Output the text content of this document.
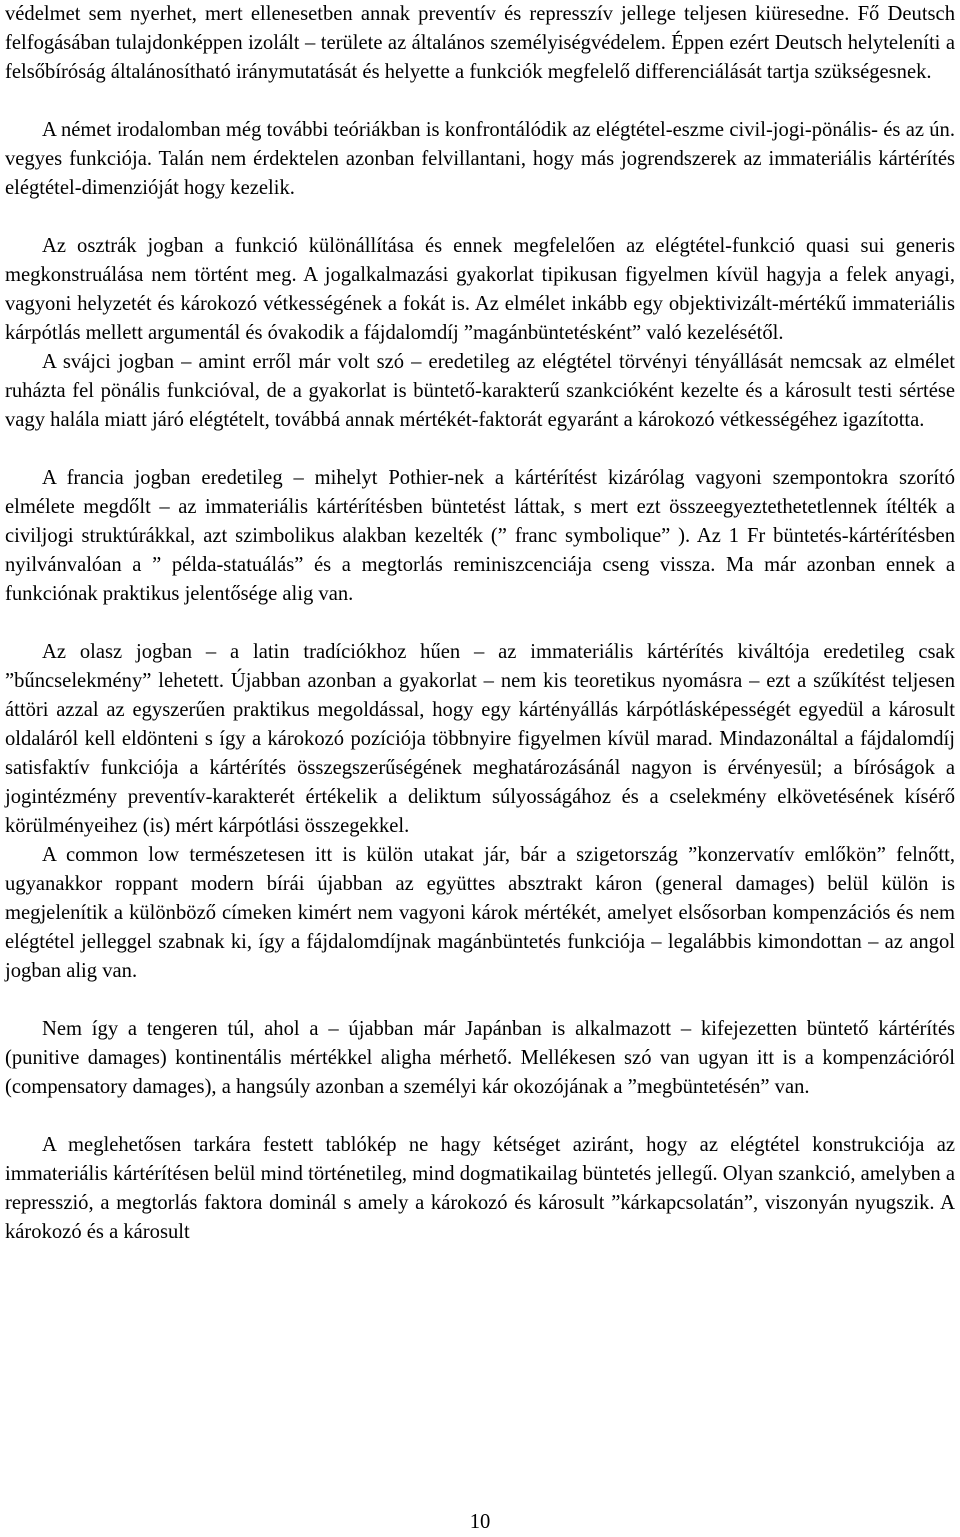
védelmet sem nyerhet, mert ellenesetben annak preventív és represszív jellege teljesen kiüresedne. Fő Deutsch felfogásában tulajdonképpen izolált – területe az általános személyiségvédelem. Éppen ezért Deutsch helyteleníti a felsőbíróság általánosítható iránymutatását és helyette a funkciók megfelelő differenciálását tartja szükségesnek.

A német irodalomban még további teóriákban is konfrontálódik az elégtétel-eszme civil-jogi-pönális- és az ún. vegyes funkciója. Talán nem érdektelen azonban felvillantani, hogy más jogrendszerek az immateriális kártérítés elégtétel-dimenzióját hogy kezelik.

Az osztrák jogban a funkció különállítása és ennek megfelelően az elégtétel-funkció quasi sui generis megkonstruálása nem történt meg. A jogalkalmazási gyakorlat tipikusan figyelmen kívül hagyja a felek anyagi, vagyoni helyzetét és károkozó vétkességének a fokát is. Az elmélet inkább egy objektivizált-mértékű immateriális kárpótlás mellett argumentál és óvakodik a fájdalomdíj ”magánbüntetésként” való kezelésétől.

A svájci jogban – amint erről már volt szó – eredetileg az elégtétel törvényi tényállását nemcsak az elmélet ruházta fel pönális funkcióval, de a gyakorlat is büntető-karakterű szankcióként kezelte és a károsult testi sértése vagy halála miatt járó elégtételt, továbbá annak mértékét-faktorát egyaránt a károkozó vétkességéhez igazította.

A francia jogban eredetileg – mihelyt Pothier-nek a kártérítést kizárólag vagyoni szempontokra szorító elmélete megdőlt – az immateriális kártérítésben büntetést láttak, s mert ezt összeegyeztethetetlennek ítélték a civiljogi struktúrákkal, azt szimbolikus alakban kezelték (” franc symbolique” ). Az 1 Fr büntetés-kártérítésben nyilvánvalóan a ” példa-statuálás” és a megtorlás reminiszcenciája cseng vissza. Ma már azonban ennek a funkciónak praktikus jelentősége alig van.

Az olasz jogban – a latin tradíciókhoz hűen – az immateriális kártérítés kiváltója eredetileg csak ”bűncselekmény” lehetett. Újabban azonban a gyakorlat – nem kis teoretikus nyomásra – ezt a szűkítést teljesen áttöri azzal az egyszerűen praktikus megoldással, hogy egy kártényállás kárpótlásképességét egyedül a károsult oldaláról kell eldönteni s így a károkozó pozíciója többnyire figyelmen kívül marad. Mindazonáltal a fájdalomdíj satisfaktív funkciója a kártérítés összegszerűségének meghatározásánál nagyon is érvényesül; a bíróságok a jogintézmény preventív-karakterét értékelik a deliktum súlyosságához és a cselekmény elkövetésének kísérő körülményeihez (is) mért kárpótlási összegekkel.

A common low természetesen itt is külön utakat jár, bár a szigetország ”konzervatív emlőkön” felnőtt, ugyanakkor roppant modern bírái újabban az együttes absztrakt káron (general damages) belül külön is megjelenítik a különböző címeken kimért nem vagyoni károk mértékét, amelyet elsősorban kompenzációs és nem elégtétel jelleggel szabnak ki, így a fájdalomdíjnak magánbüntetés funkciója – legalábbis kimondottan – az angol jogban alig van.

Nem így a tengeren túl, ahol a – újabban már Japánban is alkalmazott – kifejezetten büntető kártérítés (punitive damages) kontinentális mértékkel aligha mérhető. Mellékesen szó van ugyan itt is a kompenzációról (compensatory damages), a hangsúly azonban a személyi kár okozójának a ”megbüntetésén” van.

A meglehetősen tarkára festett tablókép ne hagy kétséget aziránt, hogy az elégtétel konstrukciója az immateriális kártérítésen belül mind történetileg, mind dogmatikailag büntetés jellegű. Olyan szankció, amelyben a represszió, a megtorlás faktora dominál s amely a károkozó és károsult ”kárkapcsolatán”, viszonyán nyugszik. A károkozó és a károsult

10
